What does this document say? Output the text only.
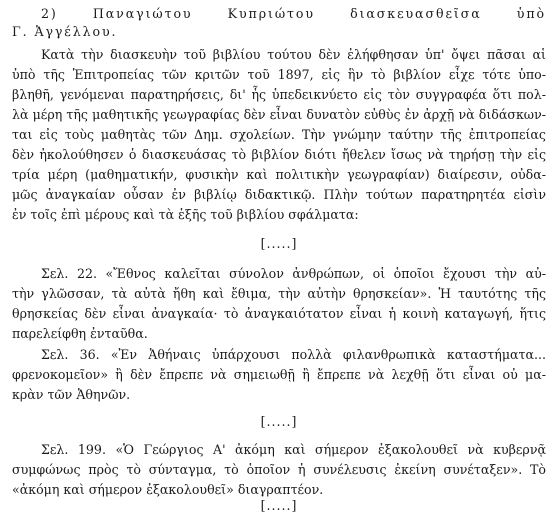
2) Παναγιώτου Κυπριώτου διασκευασθεῖσα ὑπὸ
Γ. Ἀγγέλλου.
Κατὰ τὴν διασκευὴν τοῦ βιβλίου τούτου δὲν ἐλήφθησαν ὑπ' ὄψει πᾶσαι αἱ
ὑπὸ τῆς Ἐπιτροπείας τῶν κριτῶν τοῦ 1897, εἰς ἣν τὸ βιβλίον εἶχε τότε ὑπο-
βληθῆ, γενόμεναι παρατηρήσεις, δι' ἧς ὑπεδεικνύετο εἰς τὸν συγγραφέα ὅτι πολ-
λὰ μέρη τῆς μαθητικῆς γεωγραφίας δὲν εἶναι δυνατὸν εὐθὺς ἐν ἀρχῇ νὰ διδάσκων-
ται εἰς τοὺς μαθητὰς τῶν Δημ. σχολείων. Τὴν γνώμην ταύτην τῆς ἐπιτροπείας
δὲν ἠκολούθησεν ὁ διασκευάσας τὸ βιβλίον διότι ἤθελεν ἴσως νὰ τηρήσῃ τὴν εἰς
τρία μέρη (μαθηματικήν, φυσικὴν καὶ πολιτικὴν γεωγραφίαν) διαίρεσιν, οὐδα-
μῶς ἀναγκαίαν οὖσαν ἐν βιβλίῳ διδακτικῷ. Πλὴν τούτων παρατηρητέα εἰσὶν
ἐν τοῖς ἐπὶ μέρους καὶ τὰ ἑξῆς τοῦ βιβλίου σφάλματα:
[.....]
Σελ. 22. «Ἔθνος καλεῖται σύνολον ἀνθρώπων, οἱ ὁποῖοι ἔχουσι τὴν αὐ-
τὴν γλῶσσαν, τὰ αὐτὰ ἤθη καὶ ἔθιμα, τὴν αὐτὴν θρησκείαν». Ἡ ταυτότης τῆς
θρησκείας δὲν εἶναι ἀναγκαία· τὸ ἀναγκαιότατον εἶναι ἡ κοινὴ καταγωγή, ἥτις
παρελείφθη ἐνταῦθα.
Σελ. 36. «Ἐν Ἀθήναις ὑπάρχουσι πολλὰ φιλανθρωπικὰ καταστήματα...
φρενοκομεῖον» ἢ δὲν ἔπρεπε νὰ σημειωθῇ ἢ ἔπρεπε νὰ λεχθῇ ὅτι εἶναι οὐ μα-
κρὰν τῶν Ἀθηνῶν.
[.....]
Σελ. 199. «Ὁ Γεώργιος Α' ἀκόμη καὶ σήμερον ἐξακολουθεῖ νὰ κυβερνᾷ
συμφώνως πρὸς τὸ σύνταγμα, τὸ ὁποῖον ἡ συνέλευσις ἐκείνη συνέταξεν». Τὸ
«ἀκόμη καὶ σήμερον ἐξακολουθεῖ» διαγραπτέον.
[.....]
